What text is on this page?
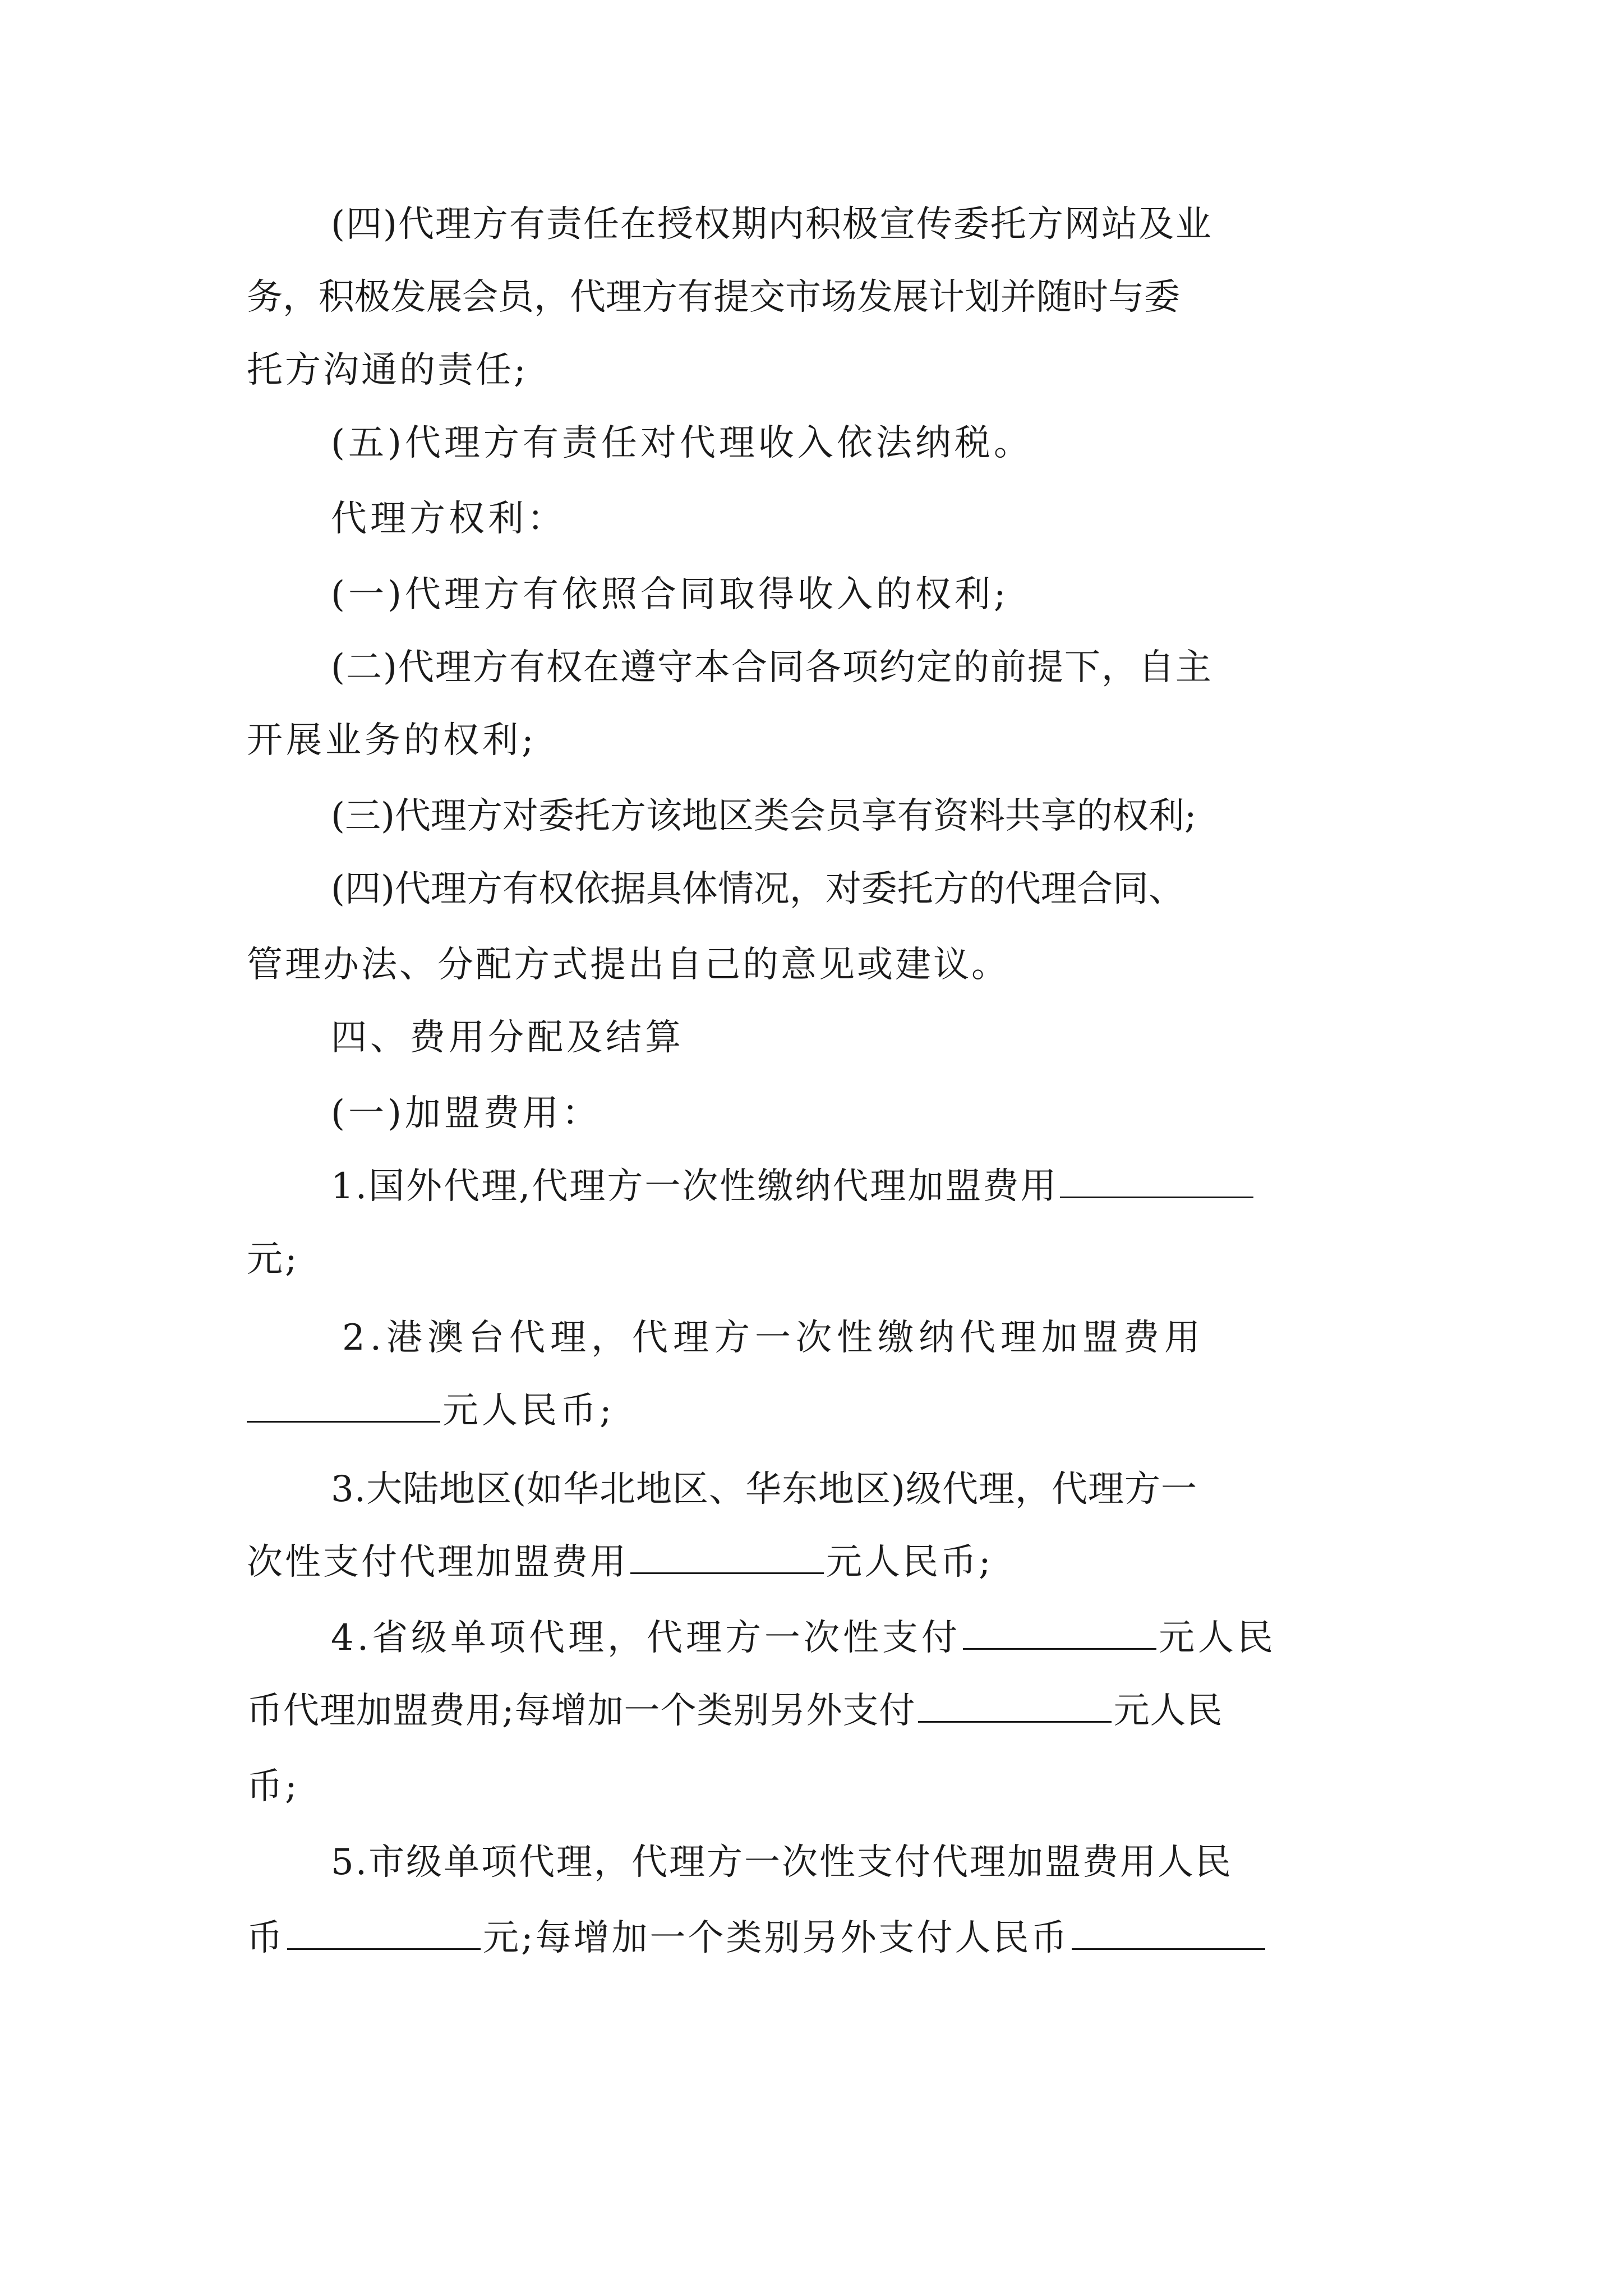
(四)代理方有责任在授权期内积极宣传委托方网站及业

务，积极发展会员，代理方有提交市场发展计划并随时与委

托方沟通的责任;

(五)代理方有责任对代理收入依法纳税。

代理方权利：

(一)代理方有依照合同取得收入的权利;

(二)代理方有权在遵守本合同各项约定的前提下，自主

开展业务的权利;

(三)代理方对委托方该地区类会员享有资料共享的权利;

(四)代理方有权依据具体情况，对委托方的代理合同、

管理办法、分配方式提出自己的意见或建议。

四、费用分配及结算

(一)加盟费用：

1.国外代理,代理方一次性缴纳代理加盟费用

元;

2.港澳台代理，代理方一次性缴纳代理加盟费用

元人民币;

3.大陆地区(如华北地区、华东地区)级代理，代理方一

次性支付代理加盟费用	元人民币;

4.省级单项代理，代理方一次性支付	元人民

币代理加盟费用;每增加一个类别另外支付	元人民

币;

5.市级单项代理，代理方一次性支付代理加盟费用人民

币	元;每增加一个类别另外支付人民币
